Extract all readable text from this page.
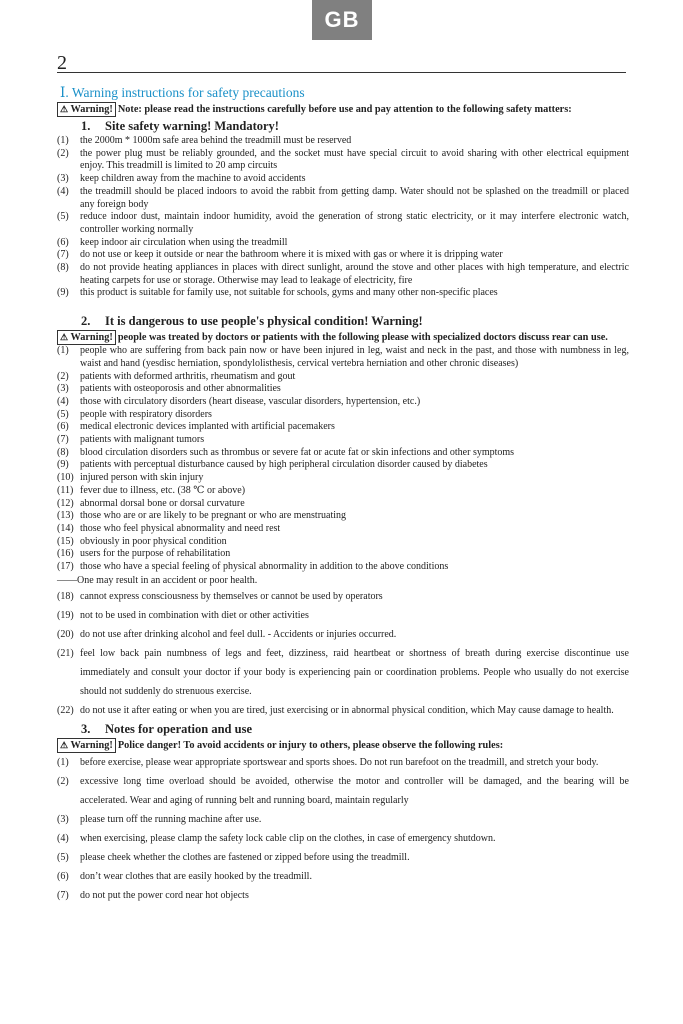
GB
2
Ⅰ. Warning instructions for safety precautions

⚠ Warning! Note: please read the instructions carefully before use and pay attention to the following safety matters:

1. Site safety warning! Mandatory!
(1) the 2000m * 1000m safe area behind the treadmill must be reserved
(2) the power plug must be reliably grounded, and the socket must have special circuit to avoid sharing with other electrical equipment enjoy. This treadmill is limited to 20 amp circuits
(3) keep children away from the machine to avoid accidents
(4) the treadmill should be placed indoors to avoid the rabbit from getting damp. Water should not be splashed on the treadmill or placed any foreign body
(5) reduce indoor dust, maintain indoor humidity, avoid the generation of strong static electricity, or it may interfere electronic watch, controller working normally
(6) keep indoor air circulation when using the treadmill
(7) do not use or keep it outside or near the bathroom where it is mixed with gas or where it is dripping water
(8) do not provide heating appliances in places with direct sunlight, around the stove and other places with high temperature, and electric heating carpets for use or storage. Otherwise may lead to leakage of electricity, fire
(9) this product is suitable for family use, not suitable for schools, gyms and many other non-specific places
2. It is dangerous to use people's physical condition! Warning!

⚠ Warning! people was treated by doctors or patients with the following please with specialized doctors discuss rear can use.

(1) people who are suffering from back pain now or have been injured in leg, waist and neck in the past, and those with numbness in leg, waist and hand (yesdisc herniation, spondylolisthesis, cervical vertebra herniation and other chronic diseases)
(2) patients with deformed arthritis, rheumatism and gout
(3) patients with osteoporosis and other abnormalities
(4) those with circulatory disorders (heart disease, vascular disorders, hypertension, etc.)
(5) people with respiratory disorders
(6) medical electronic devices implanted with artificial pacemakers
(7) patients with malignant tumors
(8) blood circulation disorders such as thrombus or severe fat or acute fat or skin infections and other symptoms
(9) patients with perceptual disturbance caused by high peripheral circulation disorder caused by diabetes
(10) injured person with skin injury
(11) fever due to illness, etc. (38 ℃ or above)
(12) abnormal dorsal bone or dorsal curvature
(13) those who are or are likely to be pregnant or who are menstruating
(14) those who feel physical abnormality and need rest
(15) obviously in poor physical condition
(16) users for the purpose of rehabilitation
(17) those who have a special feeling of physical abnormality in addition to the above conditions

——One may result in an accident or poor health.

(18) cannot express consciousness by themselves or cannot be used by operators
(19) not to be used in combination with diet or other activities
(20) do not use after drinking alcohol and feel dull. - Accidents or injuries occurred.
(21) feel low back pain numbness of legs and feet, dizziness, raid heartbeat or shortness of breath during exercise discontinue use immediately and consult your doctor if your body is experiencing pain or coordination problems. People who usually do not exercise should not suddenly do strenuous exercise.
(22) do not use it after eating or when you are tired, just exercising or in abnormal physical condition, which May cause damage to health.
3. Notes for operation and use

⚠ Warning! Police danger! To avoid accidents or injury to others, please observe the following rules:

(1) before exercise, please wear appropriate sportswear and sports shoes. Do not run barefoot on the treadmill, and stretch your body.
(2) excessive long time overload should be avoided, otherwise the motor and controller will be damaged, and the bearing will be accelerated. Wear and aging of running belt and running board, maintain regularly
(3) please turn off the running machine after use.
(4) when exercising, please clamp the safety lock cable clip on the clothes, in case of emergency shutdown.
(5) please cheek whether the clothes are fastened or zipped before using the treadmill.
(6) don’t wear clothes that are easily hooked by the treadmill.
(7) do not put the power cord near hot objects
